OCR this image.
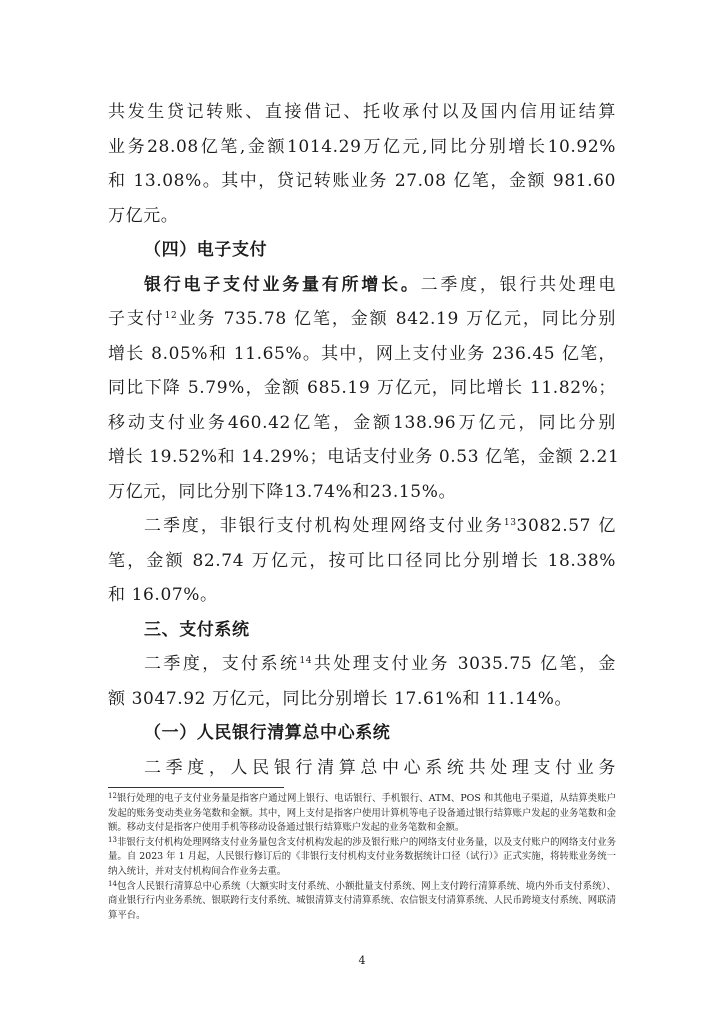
共发生贷记转账、直接借记、托收承付以及国内信用证结算
业务28.08亿笔,金额1014.29万亿元,同比分别增长10.92%
和 13.08%。其中，贷记转账业务 27.08 亿笔，金额 981.60
万亿元。
（四）电子支付
银行电子支付业务量有所增长。二季度，银行共处理电
子支付$^{12}$业务 735.78 亿笔，金额 842.19 万亿元，同比分别
增长 8.05%和 11.65%。其中，网上支付业务 236.45 亿笔，
同比下降 5.79%，金额 685.19 万亿元，同比增长 11.82%；
移动支付业务460.42亿笔，金额138.96万亿元，同比分别
增长 19.52%和 14.29%；电话支付业务 0.53 亿笔，金额 2.21
万亿元，同比分别下降13.74%和23.15%。
二季度，非银行支付机构处理网络支付业务$^{13}$3082.57 亿
笔，金额 82.74 万亿元，按可比口径同比分别增长 18.38%
和 16.07%。
三、支付系统
二季度，支付系统$^{14}$共处理支付业务 3035.75 亿笔，金
额 3047.92 万亿元，同比分别增长 17.61%和 11.14%。
（一）人民银行清算总中心系统
二季度，人民银行清算总中心系统共处理支付业务

$^{12}$银行处理的电子支付业务量是指客户通过网上银行、电话银行、手机银行、ATM、POS 和其他电子渠道，从结算类账户发起的账务变动类业务笔数和金额。其中，网上支付是指客户使用计算机等电子设备通过银行结算账户发起的业务笔数和金额。移动支付是指客户使用手机等移动设备通过银行结算账户发起的业务笔数和金额。

$^{13}$非银行支付机构处理网络支付业务量包含支付机构发起的涉及银行账户的网络支付业务量，以及支付账户的网络支付业务量。自 2023 年 1 月起，人民银行修订后的《非银行支付机构支付业务数据统计口径（试行）》正式实施，将转账业务统一纳入统计，并对支付机构间合作业务去重。

$^{14}$包含人民银行清算总中心系统（大额实时支付系统、小额批量支付系统、网上支付跨行清算系统、境内外币支付系统）、商业银行行内业务系统、银联跨行支付系统、城银清算支付清算系统、农信银支付清算系统、人民币跨境支付系统、网联清算平台。

4
